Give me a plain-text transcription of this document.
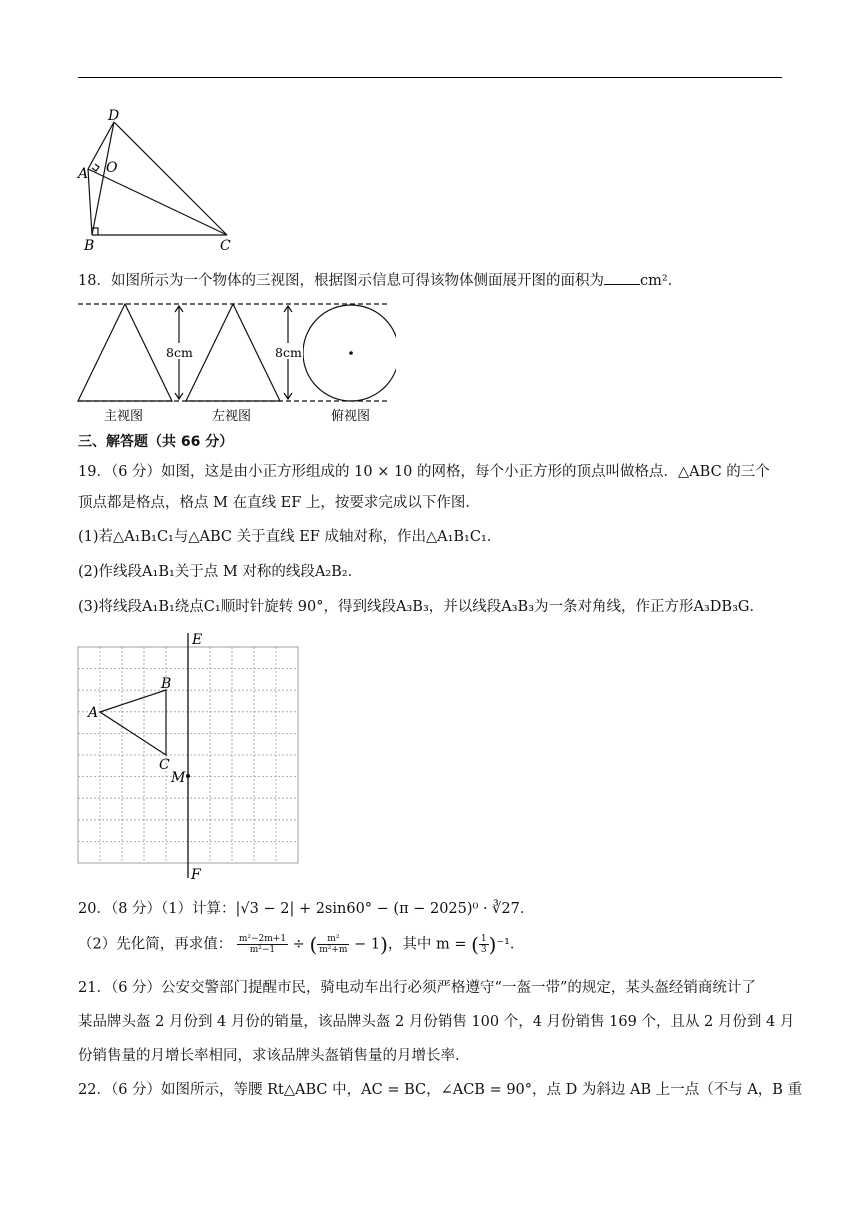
D
O
A
B	C
18．如图所示为一个物体的三视图，根据图示信息可得该物体侧面展开图的面积为 cm²．
8cm	8cm
主视图	左视图	俯视图
三、解答题（共 66 分）
19．（6 分）如图，这是由小正方形组成的 10 × 10 的网格，每个小正方形的顶点叫做格点．△ABC 的三个
顶点都是格点，格点 M 在直线 EF 上，按要求完成以下作图．
(1)若△A₁B₁C₁与△ABC 关于直线 EF 成轴对称，作出△A₁B₁C₁．
(2)作线段A₁B₁关于点 M 对称的线段A₂B₂．
(3)将线段A₁B₁绕点C₁顺时针旋转 90°，得到线段A₃B₃，并以线段A₃B₃为一条对角线，作正方形A₃DB₃G．
E
F
A
B
C
M
20．（8 分）（1）计算：|√3 − 2| + 2sin60° − (π − 2025)⁰ · ∛27．
（2）先化简，再求值： $\frac{\text{m²−2m+1}}{\text{m²−1}}$ ÷ ( $\frac{\text{m²}}{\text{m²+m}} - 1$)，其中 m = ( $\frac{1}{3} )^{-1}$．
21．（6 分）公安交警部门提醒市民，骑电动车出行必须严格遵守“一盔一带”的规定，某头盔经销商统计了
某品牌头盔 2 月份到 4 月份的销量，该品牌头盔 2 月份销售 100 个，4 月份销售 169 个，且从 2 月份到 4 月
份销售量的月增长率相同，求该品牌头盔销售量的月增长率．
22．（6 分）如图所示，等腰 Rt△ABC 中，AC = BC，∠ACB = 90°，点 D 为斜边 AB 上一点（不与 A，B 重
